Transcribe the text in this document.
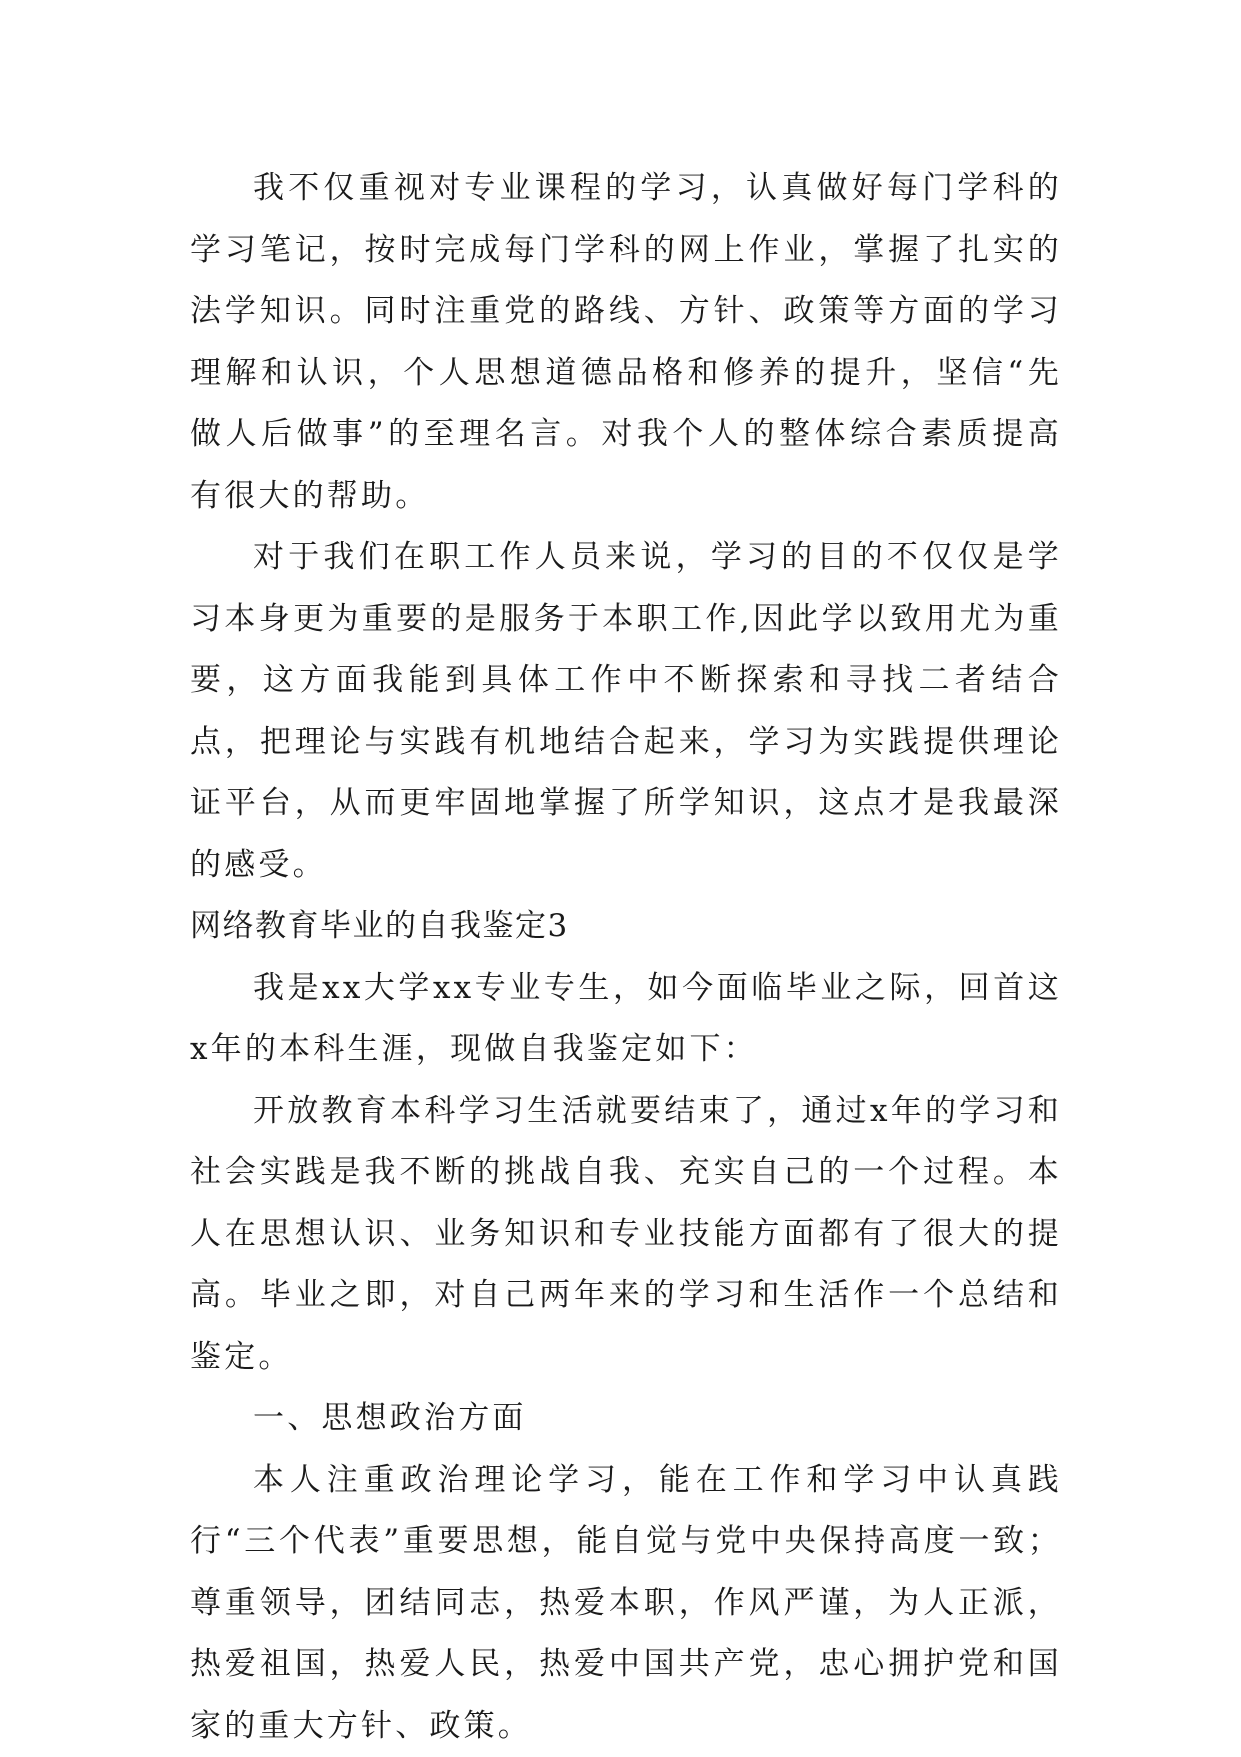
我不仅重视对专业课程的学习，认真做好每门学科的学习笔记，按时完成每门学科的网上作业，掌握了扎实的法学知识。同时注重党的路线、方针、政策等方面的学习理解和认识，个人思想道德品格和修养的提升，坚信“先做人后做事”的至理名言。对我个人的整体综合素质提高有很大的帮助。

对于我们在职工作人员来说，学习的目的不仅仅是学习本身更为重要的是服务于本职工作,因此学以致用尤为重要，这方面我能到具体工作中不断探索和寻找二者结合点，把理论与实践有机地结合起来，学习为实践提供理论证平台，从而更牢固地掌握了所学知识，这点才是我最深的感受。

网络教育毕业的自我鉴定3

我是xx大学xx专业专生，如今面临毕业之际，回首这x年的本科生涯，现做自我鉴定如下：

开放教育本科学习生活就要结束了，通过x年的学习和社会实践是我不断的挑战自我、充实自己的一个过程。本人在思想认识、业务知识和专业技能方面都有了很大的提高。毕业之即，对自己两年来的学习和生活作一个总结和鉴定。

一、思想政治方面

本人注重政治理论学习，能在工作和学习中认真践行“三个代表”重要思想，能自觉与党中央保持高度一致；尊重领导，团结同志，热爱本职，作风严谨，为人正派，热爱祖国，热爱人民，热爱中国共产党，忠心拥护党和国家的重大方针、政策。
